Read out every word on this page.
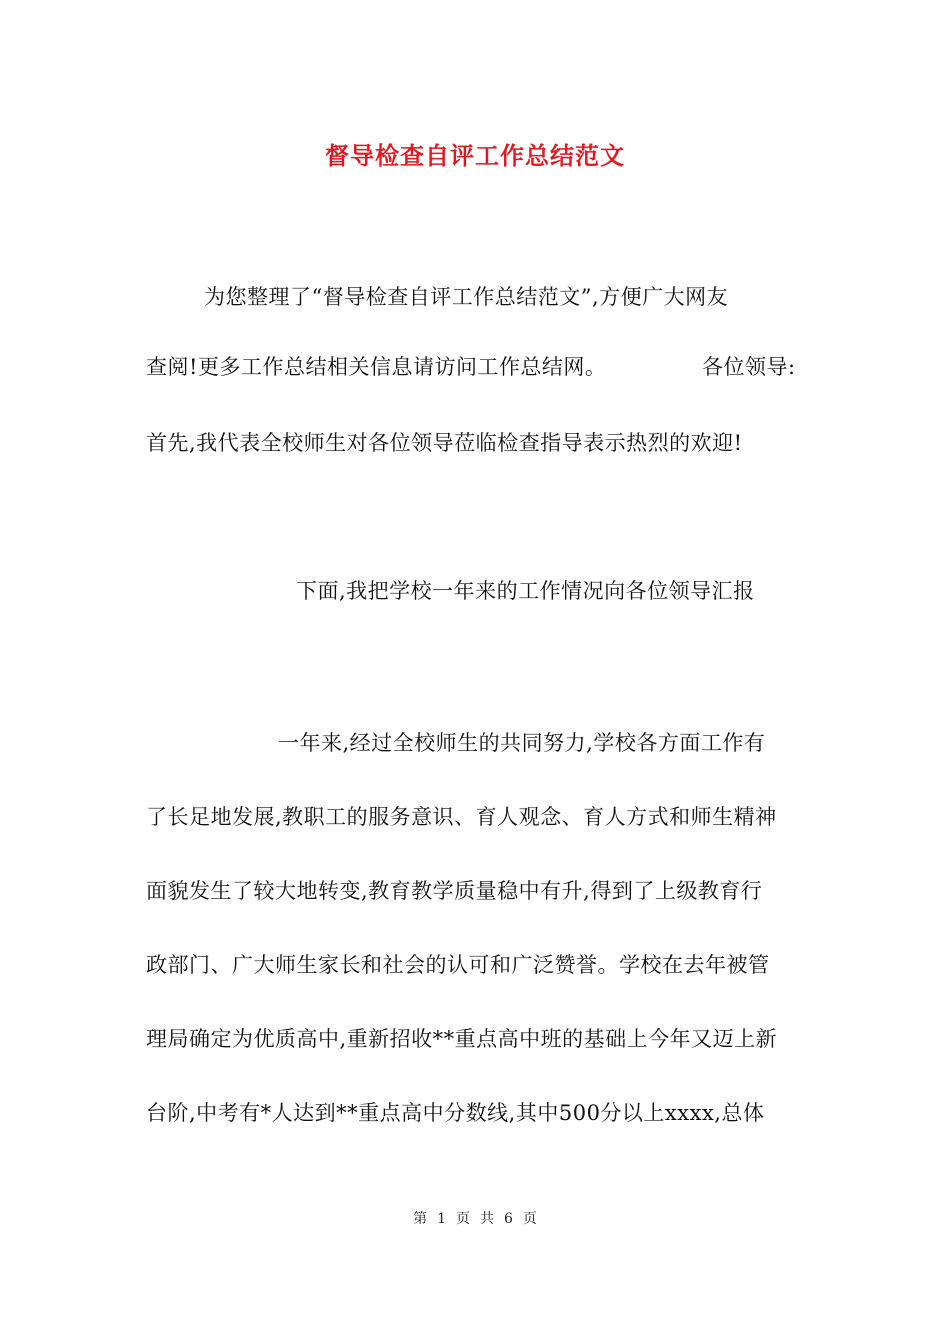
督导检查自评工作总结范文
为您整理了“督导检查自评工作总结范文”,方便广大网友
查阅!更多工作总结相关信息请访问工作总结网。	各位领导:
首先,我代表全校师生对各位领导莅临检查指导表示热烈的欢迎!
下面,我把学校一年来的工作情况向各位领导汇报
一年来,经过全校师生的共同努力,学校各方面工作有
了长足地发展,教职工的服务意识、育人观念、育人方式和师生精神
面貌发生了较大地转变,教育教学质量稳中有升,得到了上级教育行
政部门、广大师生家长和社会的认可和广泛赞誉。学校在去年被管
理局确定为优质高中,重新招收**重点高中班的基础上今年又迈上新
台阶,中考有*人达到**重点高中分数线,其中500分以上xxxx,总体
第 1 页 共 6 页
